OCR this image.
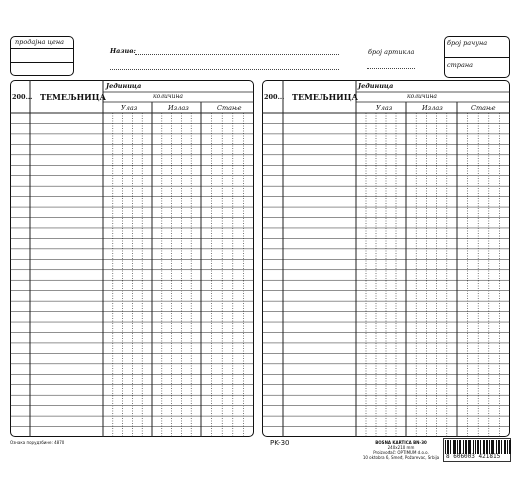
продајна цена
Назив:	број артикла
број рачуна
страна
200... ТЕМЕЉНИЦА
Јединица
количина
Улаз	Излаз	Стање
200... ТЕМЕЉНИЦА
Јединица
количина
Улаз	Излаз	Стање
Ознака порудзбине: 4870	PK-30	BOSNA KARTICA BN-30
240x210 mm
Proizvođač: OPTIMUM d.o.o.
10 oktobra 6, Smeđ, Požarevac, Srbija 8 606003 421815
